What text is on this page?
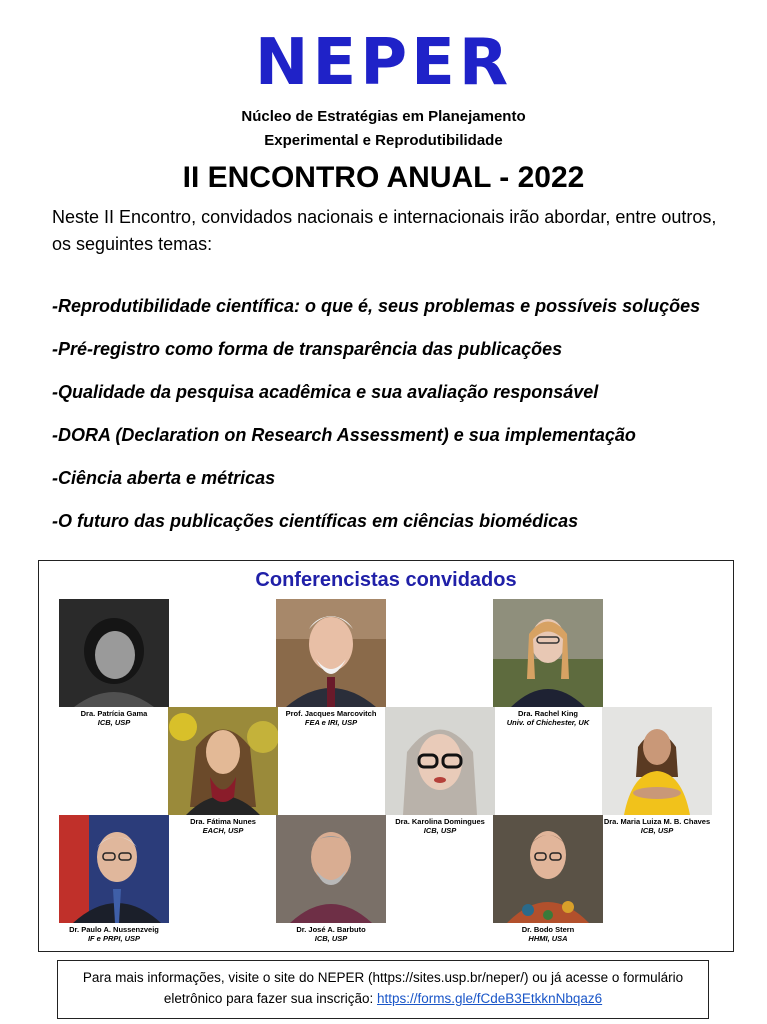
NEPER
Núcleo de Estratégias em Planejamento
Experimental e Reprodutibilidade
II ENCONTRO ANUAL - 2022
Neste II Encontro, convidados nacionais e internacionais irão abordar, entre outros, os seguintes temas:
-Reprodutibilidade científica: o que é, seus problemas e possíveis soluções
-Pré-registro como forma de transparência das publicações
-Qualidade da pesquisa acadêmica e sua avaliação responsável
-DORA (Declaration on Research Assessment) e sua implementação
-Ciência aberta e métricas
-O futuro das publicações científicas em ciências biomédicas
Conferencistas convidados
Dra. Patrícia Gama
ICB, USP
Prof. Jacques Marcovitch
FEA e IRI, USP
Dra. Rachel King
Univ. of Chichester, UK
Dra. Fátima Nunes
EACH, USP
Dra. Karolina Domingues
ICB, USP
Dra. Maria Luiza M. B. Chaves
ICB, USP
Dr. Paulo A. Nussenzveig
IF e PRPI, USP
Dr. José A. Barbuto
ICB, USP
Dr. Bodo Stern
HHMI, USA
Para mais informações, visite o site do NEPER (https://sites.usp.br/neper/) ou já acesse o formulário eletrônico para fazer sua inscrição: https://forms.gle/fCdeB3EtkknNbqaz6
